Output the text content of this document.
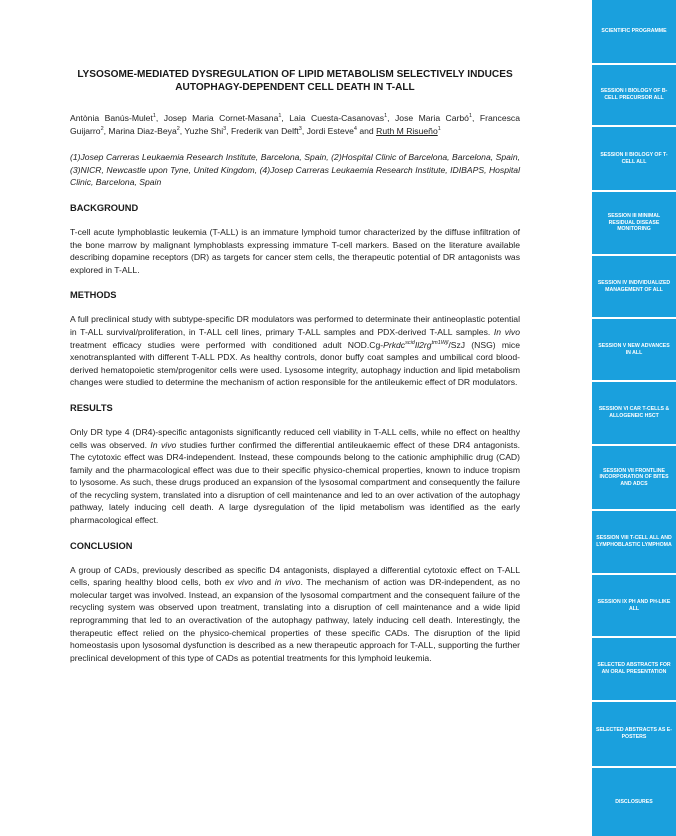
LYSOSOME-MEDIATED DYSREGULATION OF LIPID METABOLISM SELECTIVELY INDUCES AUTOPHAGY-DEPENDENT CELL DEATH IN T-ALL
Antònia Banús-Mulet$^1$, Josep Maria Cornet-Masana$^1$, Laia Cuesta-Casanovas$^1$, Jose Maria Carbó$^1$, Francesca Guijarro$^2$, Marina Diaz-Beya$^2$, Yuzhe Shi$^3$, Frederik van Delft$^3$, Jordi Esteve$^4$ and Ruth M Risueño$^1$
(1)Josep Carreras Leukaemia Research Institute, Barcelona, Spain, (2)Hospital Clinic of Barcelona, Barcelona, Spain, (3)NICR, Newcastle upon Tyne, United Kingdom, (4)Josep Carreras Leukaemia Research Institute, IDIBAPS, Hospital Clinic, Barcelona, Spain
BACKGROUND
T-cell acute lymphoblastic leukemia (T-ALL) is an immature lymphoid tumor characterized by the diffuse infiltration of the bone marrow by malignant lymphoblasts expressing immature T-cell markers. Based on the literature available describing dopamine receptors (DR) as targets for cancer stem cells, the therapeutic potential of DR antagonists was explored in T-ALL.
METHODS
A full preclinical study with subtype-specific DR modulators was performed to determinate their antineoplastic potential in T-ALL survival/proliferation, in T-ALL cell lines, primary T-ALL samples and PDX-derived T-ALL samples. In vivo treatment efficacy studies were performed with conditioned adult $NOD.Cg-Prkdc^{scid}Il2rg^{tm1Wjl}$/SzJ (NSG) mice xenotransplanted with different T-ALL PDX. As healthy controls, donor buffy coat samples and umbilical cord blood-derived hematopoietic stem/progenitor cells were used. Lysosome integrity, autophagy induction and lipid metabolism changes were studied to determine the mechanism of action responsible for the antileukemic effect of DR modulators.
RESULTS
Only DR type 4 (DR4)-specific antagonists significantly reduced cell viability in T-ALL cells, while no effect on healthy cells was observed. In vivo studies further confirmed the differential antileukaemic effect of these DR4 antagonists. The cytotoxic effect was DR4-independent. Instead, these compounds belong to the cationic amphiphilic drug (CAD) family and the pharmacological effect was due to their specific physico-chemical properties, known to induce tropism to lysosome. As such, these drugs produced an expansion of the lysosomal compartment and consequently the failure of the recycling system, translated into a disruption of cell maintenance and led to an over activation of the autophagy pathway, lately inducing cell death. A large dysregulation of the lipid metabolism was identified as the early pharmacological effect.
CONCLUSION
A group of CADs, previously described as specific D4 antagonists, displayed a differential cytotoxic effect on T-ALL cells, sparing healthy blood cells, both ex vivo and in vivo. The mechanism of action was DR-independent, as no molecular target was involved. Instead, an expansion of the lysosomal compartment and the consequent failure of the recycling system was observed upon treatment, translating into a disruption of cell maintenance and a wide lipid reprogramming that led to an overactivation of the autophagy pathway, lately inducing cell death. Interestingly, the therapeutic effect relied on the physico-chemical properties of these specific CADs. The disruption of the lipid homeostasis upon lysosomal dysfunction is described as a new therapeutic approach for T-ALL, supporting the further preclinical development of this type of CADs as potential treatments for this lymphoid leukemia.
SCIENTIFIC PROGRAMME
SESSION I BIOLOGY OF B-CELL PRECURSOR ALL
SESSION II BIOLOGY OF T-CELL ALL
SESSION III MINIMAL RESIDUAL DISEASE MONITORING
SESSION IV INDIVIDUALIZED MANAGEMENT OF ALL
SESSION V NEW ADVANCES IN ALL
SESSION VI CAR T-CELLS & ALLOGENEIC HSCT
SESSION VII FRONTLINE INCORPORATION OF BITES AND ADCS
SESSION VIII T-CELL ALL AND LYMPHOBLASTIC LYMPHOMA
SESSION IX PH AND PH-LIKE ALL
SELECTED ABSTRACTS FOR AN ORAL PRESENTATION
SELECTED ABSTRACTS AS E-POSTERS
DISCLOSURES
